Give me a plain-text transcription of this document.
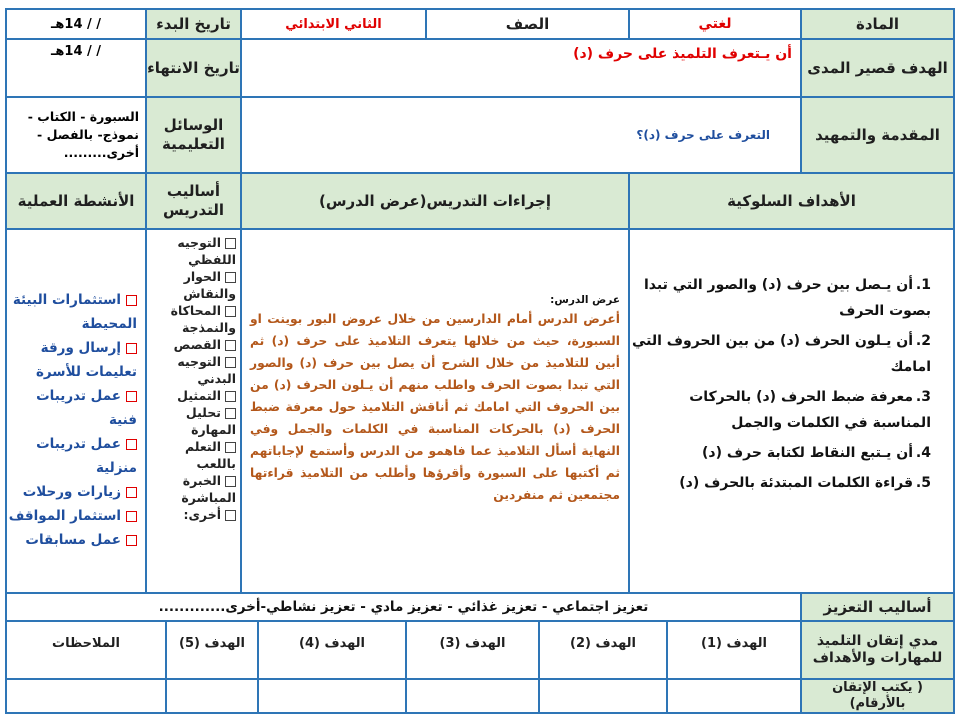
المادة
لغتي
الصف
الثاني الابتدائي
تاريخ البدء
/ / 14هـ
الهدف قصير المدى
أن يـتعرف التلميذ على حرف (د)
تاريخ الانتهاء
/ / 14هـ
المقدمة والتمهيد
التعرف على حرف (د)؟
الوسائل التعليمية
السبورة - الكتاب - نموذج- بالفصل - أخرى.........
الأهداف السلوكية
إجراءات التدريس(عرض الدرس)
أساليب التدريس
الأنشطة العملية
1.أن يـصل بين حرف (د) والصور التي تبدا بصوت الحرف
2.أن يـلون الحرف (د) من بين الحروف التي امامك
3.معرفة ضبط الحرف (د) بالحركات المناسبة في الكلمات والجمل
4.أن يـتبع النقاط لكتابة حرف (د)
5.قراءة الكلمات المبتدئة بالحرف (د)
عرض الدرس:
أعرض الدرس أمام الدارسين من خلال عروض البور بوينت او السبورة، حيث من خلالها يتعرف التلاميذ على حرف (د) ثم أبين للتلاميذ من خلال الشرح أن يصل بين حرف (د) والصور التي تبدا بصوت الحرف واطلب منهم أن يـلون الحرف (د) من بين الحروف التي امامك ثم أناقش التلاميذ حول معرفة ضبط الحرف (د) بالحركات المناسبة في الكلمات والجمل وفي النهاية أسأل التلاميذ عما فاهمو من الدرس وأستمع لإجاباتهم ثم أكتبها على السبورة وأقرؤها وأطلب من التلاميذ قراءتها مجتمعين ثم منفردين
التوجيه اللفظي
الحوار والنقاش
المحاكاة والنمذجة
القصص
التوجيه البدني
التمثيل
تحليل المهارة
التعلم باللعب
الخبرة المباشرة
أخرى:
استثمارات البيئة المحيطة
إرسال ورقة تعليمات للأسرة
عمل تدريبات فنية
عمل تدريبات منزلية
زيارات ورحلات
استثمار المواقف
عمل مسابقات
أساليب التعزيز
تعزيز اجتماعي - تعزيز غذائي - تعزيز مادي - تعزيز نشاطي-أخرى.............
مدي إتقان التلميذ للمهارات والأهداف
الهدف (1)
الهدف (2)
الهدف (3)
الهدف (4)
الهدف (5)
الملاحظات
( يكتب الإتقان بالأرقام)
